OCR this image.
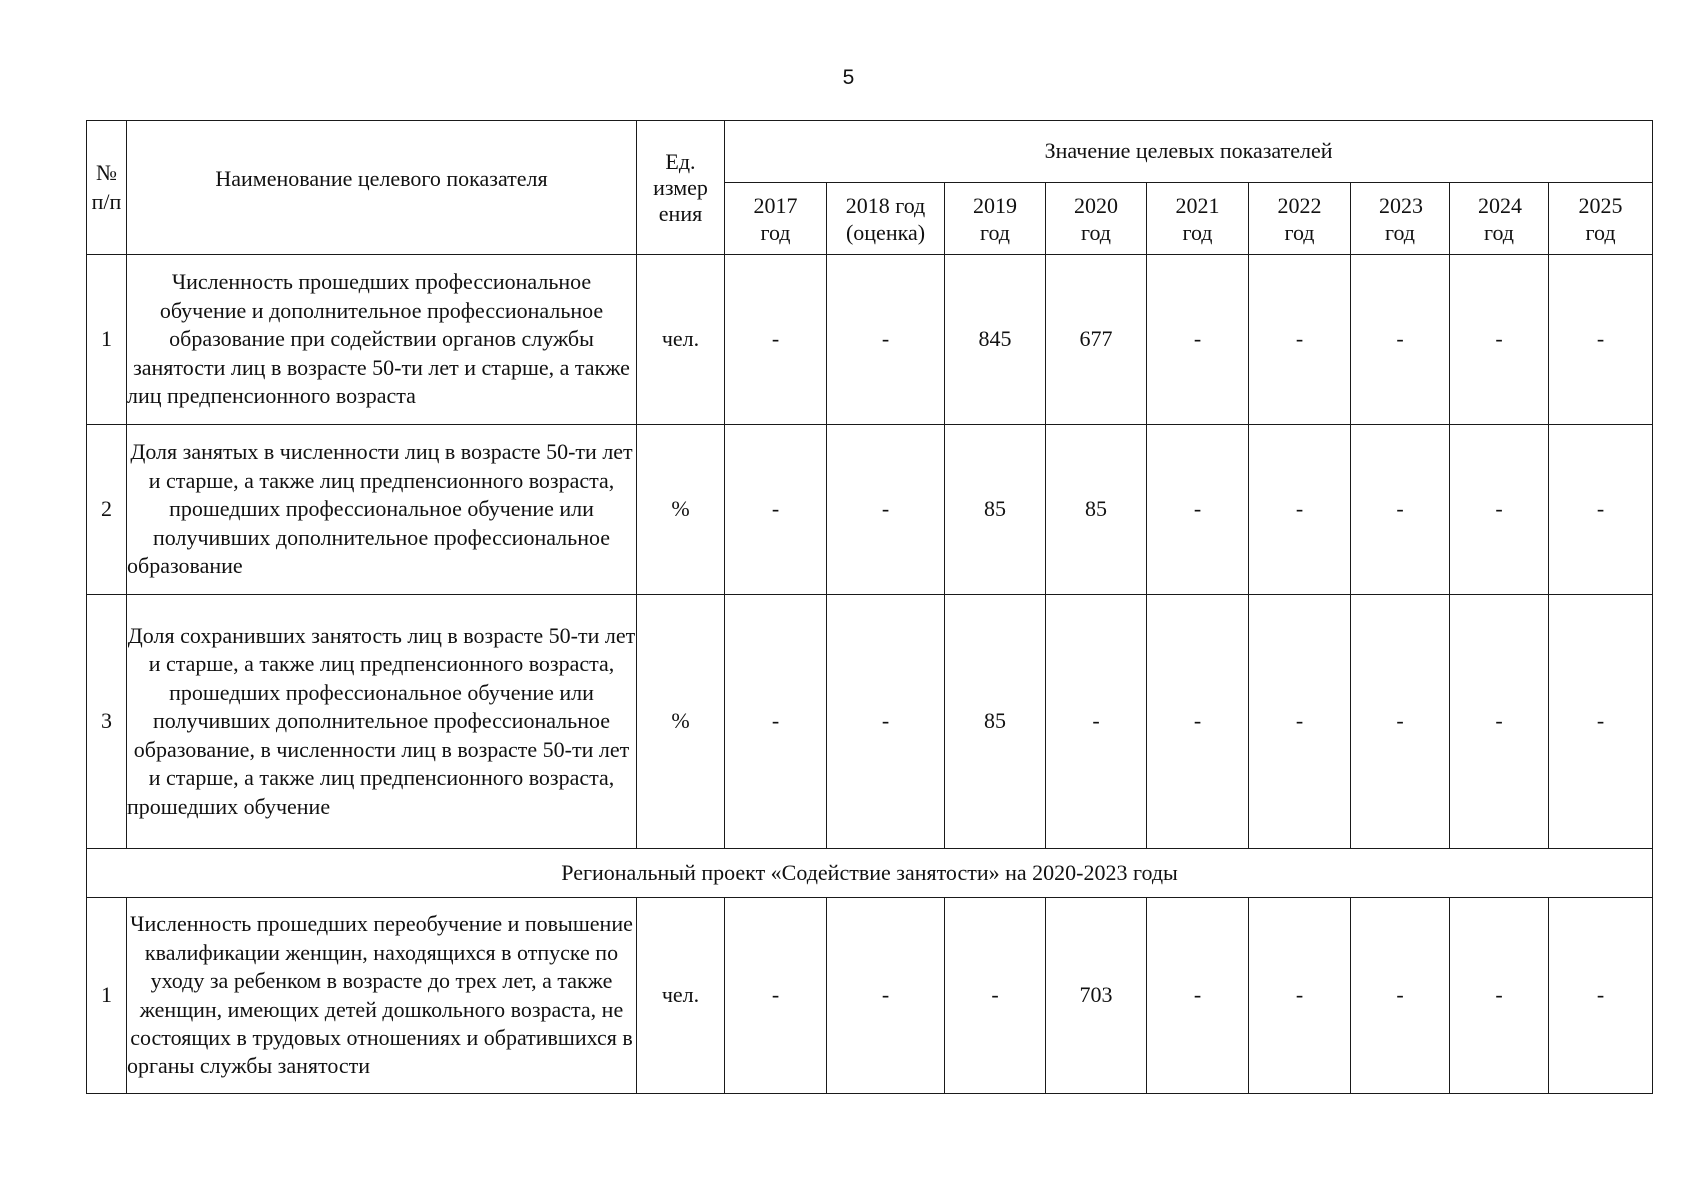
5
№ п/п	Наименование целевого показателя	Ед. измер ения	Значение целевых показателей								
			2017 год	2018 год (оценка)	2019 год	2020 год	2021 год	2022 год	2023 год	2024 год	2025 год
1	Численность прошедших профессиональное обучение и дополнительное профессиональное образование при содействии органов службы занятости лиц в возрасте 50-ти лет и старше, а также лиц предпенсионного возраста	чел.	-	-	845	677	-	-	-	-	-
2	Доля занятых в численности лиц в возрасте 50-ти лет и старше, а также лиц предпенсионного возраста, прошедших профессиональное обучение или получивших дополнительное профессиональное образование	%	-	-	85	85	-	-	-	-	-
3	Доля сохранивших занятость лиц в возрасте 50-ти лет и старше, а также лиц предпенсионного возраста, прошедших профессиональное обучение или получивших дополнительное профессиональное образование, в численности лиц в возрасте 50-ти лет и старше, а также лиц предпенсионного возраста, прошедших обучение	%	-	-	85	-	-	-	-	-	-
Региональный проект «Содействие занятости» на 2020-2023 годы											
1	Численность прошедших переобучение и повышение квалификации женщин, находящихся в отпуске по уходу за ребенком в возрасте до трех лет, а также женщин, имеющих детей дошкольного возраста, не состоящих в трудовых отношениях и обратившихся в органы службы занятости	чел.	-	-	-	703	-	-	-	-	-
